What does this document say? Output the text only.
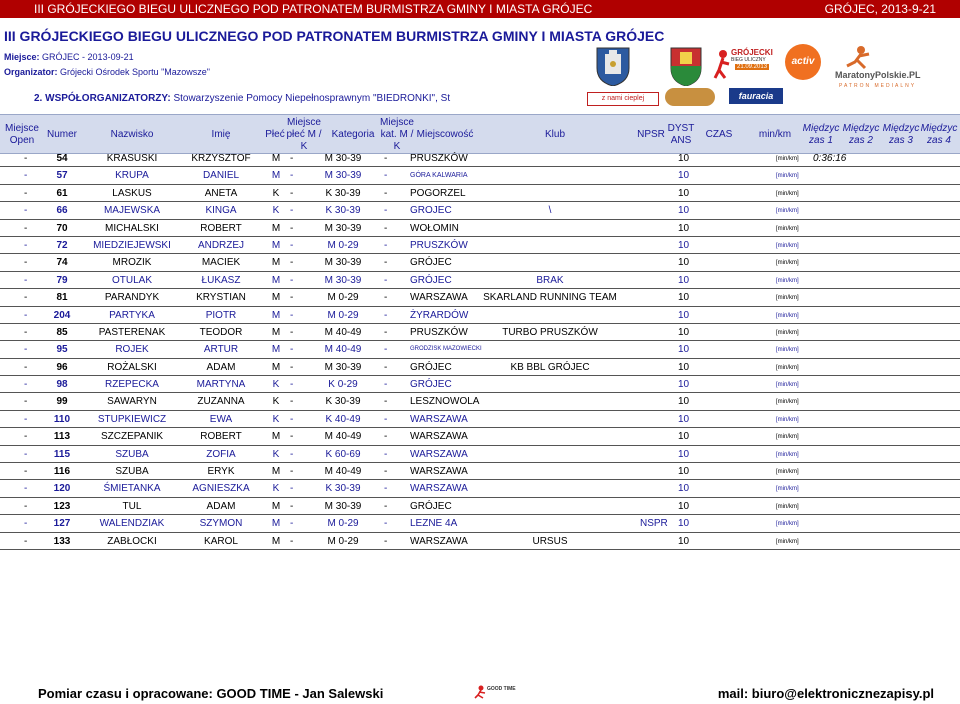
III GRÓJECKIEGO BIEGU ULICZNEGO POD PATRONATEM BURMISTRZA GMINY I MIASTA GRÓJEC	GRÓJEC, 2013-9-21
III GRÓJECKIEGO BIEGU ULICZNEGO POD PATRONATEM BURMISTRZA GMINY I MIASTA GRÓJEC
Miejsce: GRÓJEC - 2013-09-21
Organizator: Grójecki Ośrodek Sportu "Mazowsze"
2. WSPÓŁORGANIZATORZY: Stowarzyszenie Pomocy Niepełnosprawnym "BIEDRONKI", St
GRÓJECKI
BIEG ULICZNY
21.09.2013	activ
MaratonyPolskie.PL
PATRON MEDIALNY
z nami cieplej	fauracia
Miejsce
Open
Numer	Nazwisko	Imię	Płeć
Miejsce
płeć M /
K
Kategoria
Miejsce
kat. M /
K
Miejscowość	Klub	NPSR
DYST
ANS
CZAS	min/km
Międzyc
zas 1
Międzyc
zas 2
Międzyc
zas 3
Międzyc
zas 4
-	54	KRASUSKI	KRZYSZTOF	M -	M 30-39	- PRUSZKÓW	10	[min/km] 0:36:16
-	57	KRUPA	DANIEL	M -	M 30-39	-	GÓRA KALWARIA	10	[min/km]
-	61	LASKUS	ANETA	K	-	K 30-39	- POGORZEL	10	[min/km]
-	66	MAJEWSKA	KINGA	K	-	K 30-39	- GROJEC	\	10	[min/km]
-	70	MICHALSKI	ROBERT	M -	M 30-39	- WOŁOMIN	10	[min/km]
-	72	MIEDZIEJEWSKI	ANDRZEJ	M -	M 0-29	- PRUSZKÓW	10	[min/km]
-	74	MROZIK	MACIEK	M -	M 30-39	- GRÓJEC	10	[min/km]
-	79	OTULAK	ŁUKASZ	M -	M 30-39	- GRÓJEC	BRAK	10	[min/km]
-	81	PARANDYK	KRYSTIAN	M -	M 0-29	- WARSZAWA	SKARLAND RUNNING TEAM	10	[min/km]
-	204	PARTYKA	PIOTR	M -	M 0-29	- ŻYRARDÓW	10	[min/km]
-	85	PASTERENAK	TEODOR	M -	M 40-49	- PRUSZKÓW	TURBO PRUSZKÓW	10	[min/km]
-	95	ROJEK	ARTUR	M -	M 40-49	-	GRODZISK MAZOWIECKI	10	[min/km]
-	96	ROŻALSKI	ADAM	M -	M 30-39	- GRÓJEC	KB BBL GRÓJEC	10	[min/km]
-	98	RZEPECKA	MARTYNA	K	-	K 0-29	- GRÓJEC	10	[min/km]
-	99	SAWARYN	ZUZANNA	K	-	K 30-39	- LESZNOWOLA	10	[min/km]
-	110	STUPKIEWICZ	EWA	K	-	K 40-49	- WARSZAWA	10	[min/km]
-	113	SZCZEPANIK	ROBERT	M -	M 40-49	- WARSZAWA	10	[min/km]
-	115	SZUBA	ZOFIA	K	-	K 60-69	- WARSZAWA	10	[min/km]
-	116	SZUBA	ERYK	M -	M 40-49	- WARSZAWA	10	[min/km]
-	120	ŚMIETANKA	AGNIESZKA	K	-	K 30-39	- WARSZAWA	10	[min/km]
-	123	TUL	ADAM	M -	M 30-39	- GRÓJEC	10	[min/km]
-	127	WALENDZIAK	SZYMON	M -	M 0-29	- LEZNE 4A	NSPR 10	[min/km]
-	133	ZABŁOCKI	KAROL	M -	M 0-29	- WARSZAWA	URSUS	10	[min/km]
Pomiar czasu i opracowane: GOOD TIME - Jan Salewski	GOOD TIME	mail: biuro@elektronicznezapisy.pl
